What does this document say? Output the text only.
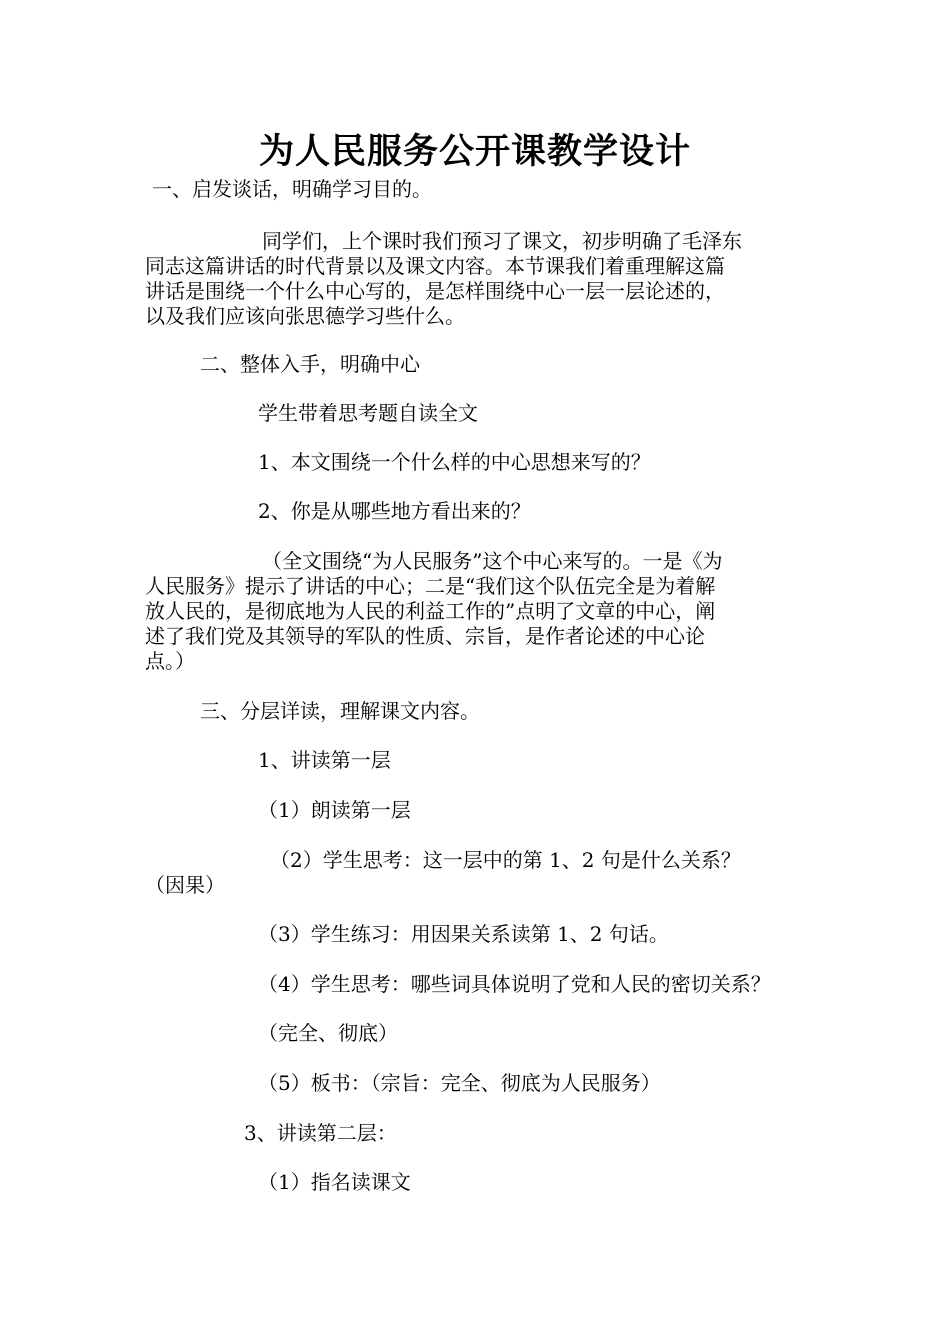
为人民服务公开课教学设计
一、启发谈话，明确学习目的。
同学们，上个课时我们预习了课文，初步明确了毛泽东
同志这篇讲话的时代背景以及课文内容。本节课我们着重理解这篇
讲话是围绕一个什么中心写的，是怎样围绕中心一层一层论述的，
以及我们应该向张思德学习些什么。
二、整体入手，明确中心
学生带着思考题自读全文
1、本文围绕一个什么样的中心思想来写的？
2、你是从哪些地方看出来的？
（全文围绕“为人民服务”这个中心来写的。一是《为
人民服务》提示了讲话的中心；二是“我们这个队伍完全是为着解
放人民的，是彻底地为人民的利益工作的”点明了文章的中心，阐
述了我们党及其领导的军队的性质、宗旨，是作者论述的中心论
点。）
三、分层详读，理解课文内容。
1、讲读第一层
（1）朗读第一层
（2）学生思考：这一层中的第 1、2 句是什么关系？
（因果）
（3）学生练习：用因果关系读第 1、2 句话。
（4）学生思考：哪些词具体说明了党和人民的密切关系？
（完全、彻底）
（5）板书：（宗旨：完全、彻底为人民服务）
3、讲读第二层：
（1）指名读课文
